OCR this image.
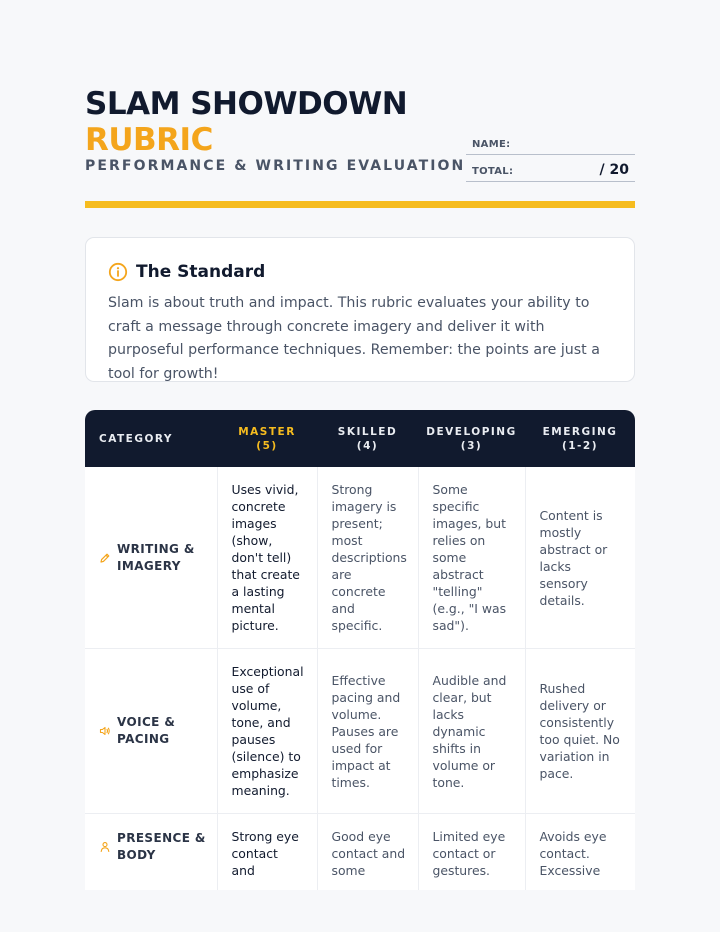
SLAM SHOWDOWN
RUBRIC
PERFORMANCE & WRITING EVALUATION
NAME:
TOTAL:	/ 20
The Standard
Slam is about truth and impact. This rubric evaluates your ability to craft a message through concrete imagery and deliver it with purposeful performance techniques. Remember: the points are just a tool for growth!
CATEGORY	MASTER (5)	SKILLED (4)	DEVELOPING (3)	EMERGING (1-2)

WRITING & IMAGERY	Uses vivid, concrete images (show, don't tell) that create a lasting mental picture.	Strong imagery is present; most descriptions are concrete and specific.	Some specific images, but relies on some abstract "telling" (e.g., "I was sad").	Content is mostly abstract or lacks sensory details.

VOICE & PACING	Exceptional use of volume, tone, and pauses (silence) to emphasize meaning.	Effective pacing and volume. Pauses are used for impact at times.	Audible and clear, but lacks dynamic shifts in volume or tone.	Rushed delivery or consistently too quiet. No variation in pace.

PRESENCE & BODY	Strong eye contact and	Good eye contact and some	Limited eye contact or gestures.	Avoids eye contact. Excessive
